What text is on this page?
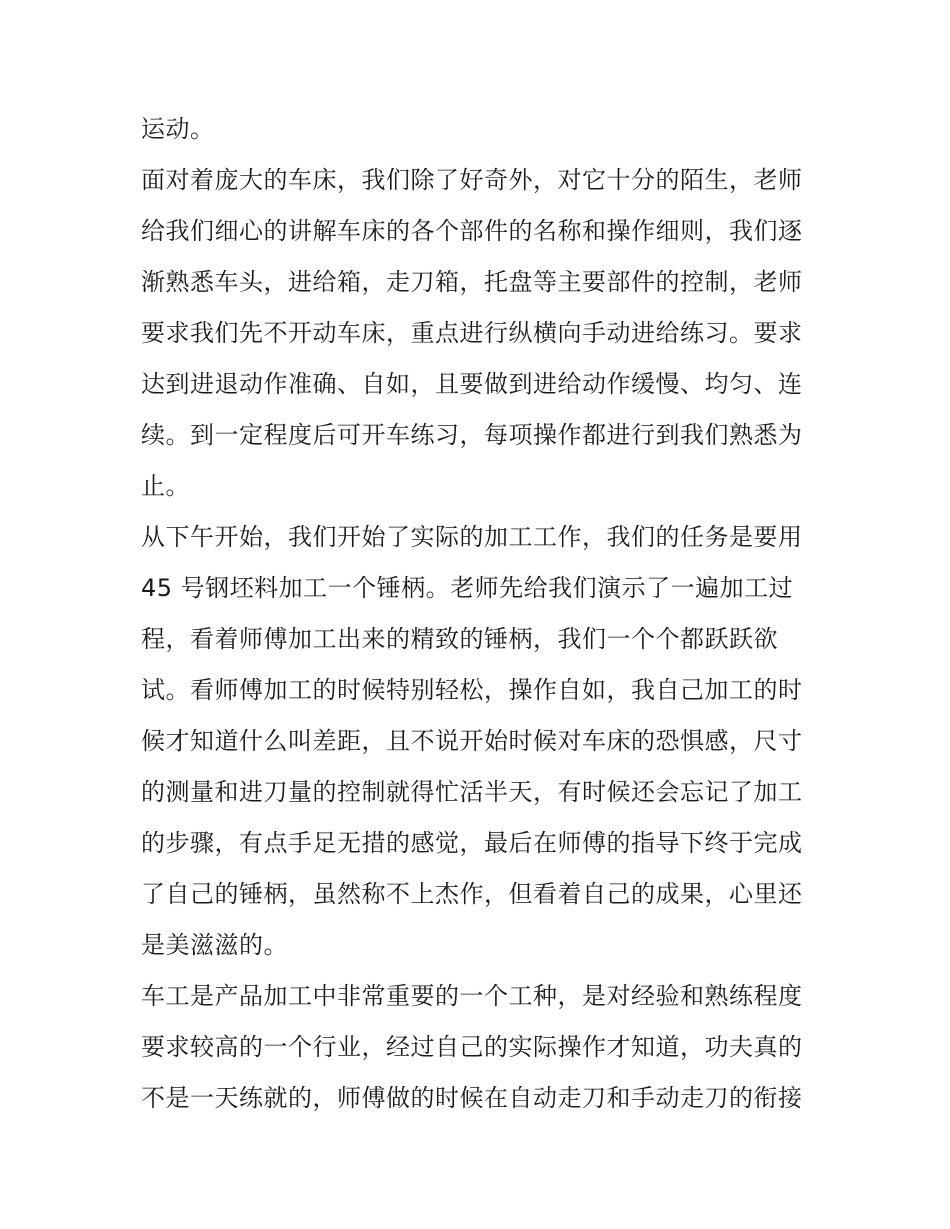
运动。
面对着庞大的车床，我们除了好奇外，对它十分的陌生，老师
给我们细心的讲解车床的各个部件的名称和操作细则，我们逐
渐熟悉车头，进给箱，走刀箱，托盘等主要部件的控制，老师
要求我们先不开动车床，重点进行纵横向手动进给练习。要求
达到进退动作准确、自如，且要做到进给动作缓慢、均匀、连
续。到一定程度后可开车练习，每项操作都进行到我们熟悉为
止。
从下午开始，我们开始了实际的加工工作，我们的任务是要用
45 号钢坯料加工一个锤柄。老师先给我们演示了一遍加工过
程，看着师傅加工出来的精致的锤柄，我们一个个都跃跃欲
试。看师傅加工的时候特别轻松，操作自如，我自己加工的时
候才知道什么叫差距，且不说开始时候对车床的恐惧感，尺寸
的测量和进刀量的控制就得忙活半天，有时候还会忘记了加工
的步骤，有点手足无措的感觉，最后在师傅的指导下终于完成
了自己的锤柄，虽然称不上杰作，但看着自己的成果，心里还
是美滋滋的。
车工是产品加工中非常重要的一个工种，是对经验和熟练程度
要求较高的一个行业，经过自己的实际操作才知道，功夫真的
不是一天练就的，师傅做的时候在自动走刀和手动走刀的衔接
